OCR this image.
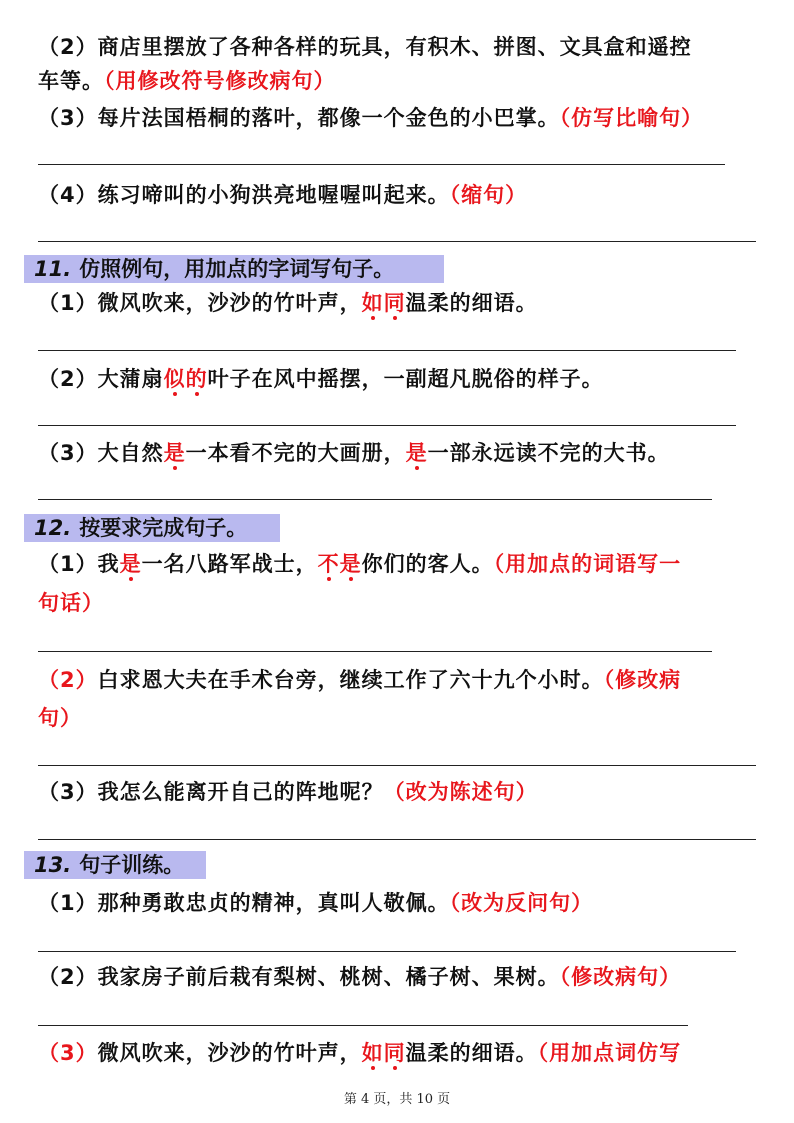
（2）商店里摆放了各种各样的玩具，有积木、拼图、文具盒和遥控
车等。（用修改符号修改病句）
（3）每片法国梧桐的落叶，都像一个金色的小巴掌。（仿写比喻句）
（4）练习啼叫的小狗洪亮地喔喔叫起来。（缩句）
11. 仿照例句，用加点的字词写句子。
（1）微风吹来，沙沙的竹叶声，如同温柔的细语。
（2）大蒲扇似的叶子在风中摇摆，一副超凡脱俗的样子。
（3）大自然是一本看不完的大画册，是一部永远读不完的大书。
12. 按要求完成句子。
（1）我是一名八路军战士，不是你们的客人。（用加点的词语写一
句话）
（2）白求恩大夫在手术台旁，继续工作了六十九个小时。（修改病
句）
（3）我怎么能离开自己的阵地呢？（改为陈述句）
13. 句子训练。
（1）那种勇敢忠贞的精神，真叫人敬佩。（改为反问句）
（2）我家房子前后栽有梨树、桃树、橘子树、果树。（修改病句）
（3）微风吹来，沙沙的竹叶声，如同温柔的细语。（用加点词仿写
第 4 页，共 10 页
